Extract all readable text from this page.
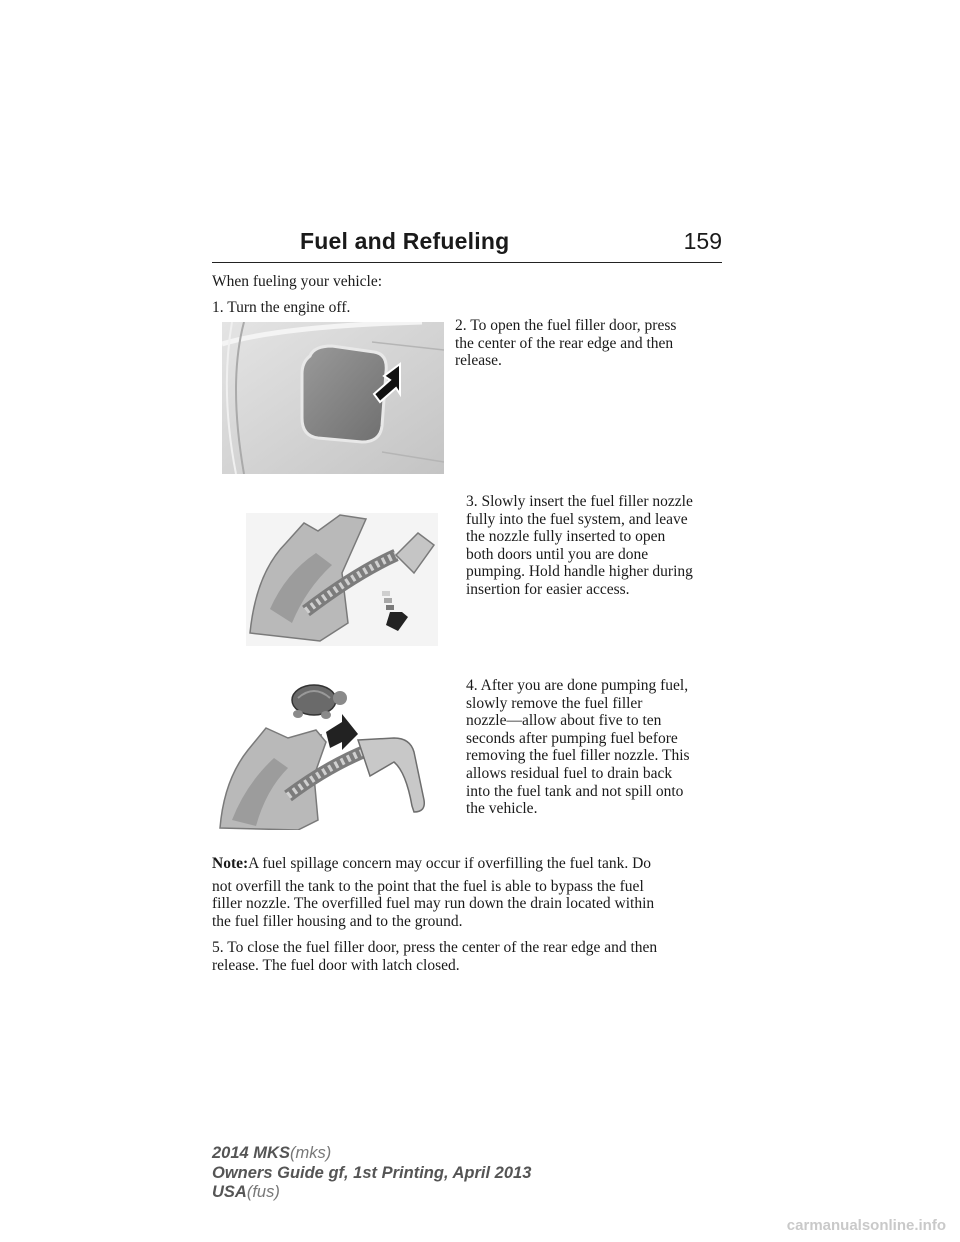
Fuel and Refueling	159
When fueling your vehicle:
1. Turn the engine off.
2. To open the fuel filler door, press
the center of the rear edge and then
release.
3. Slowly insert the fuel filler nozzle
fully into the fuel system, and leave
the nozzle fully inserted to open
both doors until you are done
pumping. Hold handle higher during
insertion for easier access.
4. After you are done pumping fuel,
slowly remove the fuel filler
nozzle—allow about five to ten
seconds after pumping fuel before
removing the fuel filler nozzle. This
allows residual fuel to drain back
into the fuel tank and not spill onto
the vehicle.
Note:A fuel spillage concern may occur if overfilling the fuel tank. Do
not overfill the tank to the point that the fuel is able to bypass the fuel
filler nozzle. The overfilled fuel may run down the drain located within
the fuel filler housing and to the ground.
5. To close the fuel filler door, press the center of the rear edge and then
release. The fuel door with latch closed.
2014 MKS(mks)
Owners Guide gf, 1st Printing, April 2013
USA(fus)
carmanualsonline.info
